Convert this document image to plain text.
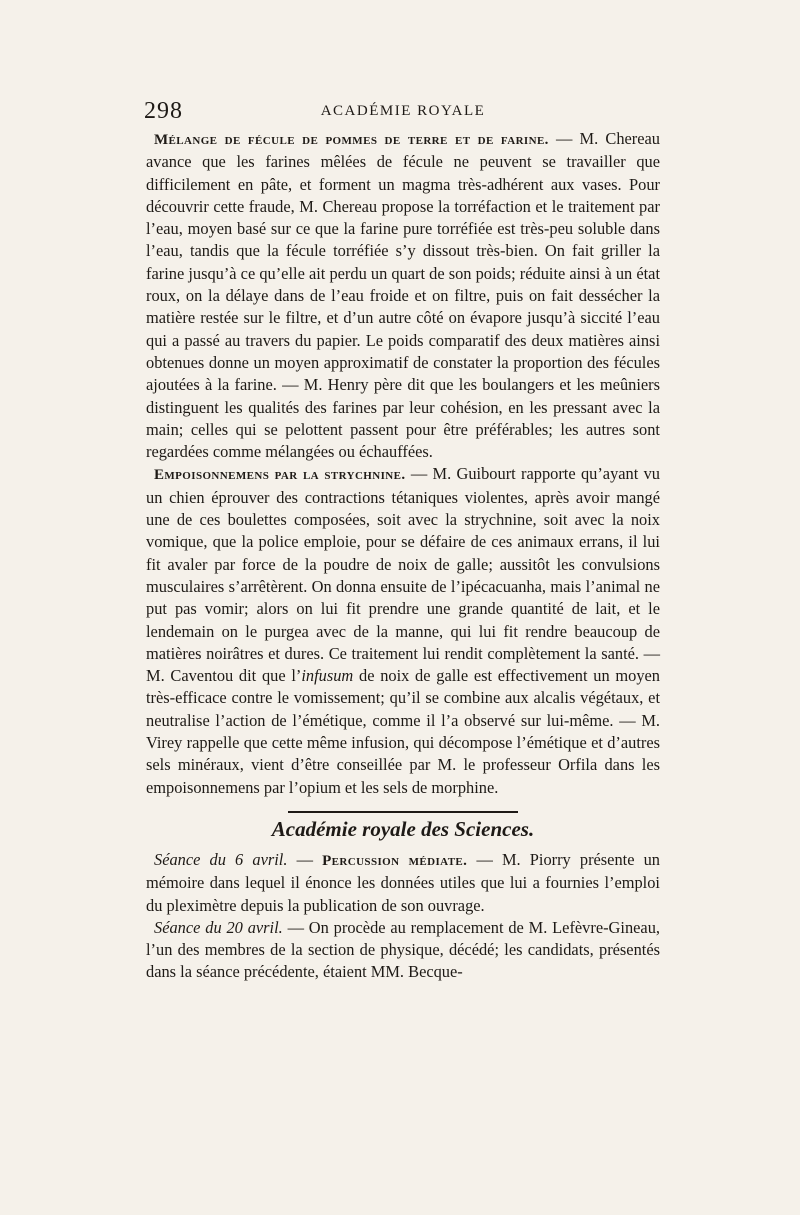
298	ACADÉMIE ROYALE

Mélange de fécule de pommes de terre et de farine. — M. Chereau avance que les farines mêlées de fécule ne peuvent se travailler que difficilement en pâte, et forment un magma très-adhérent aux vases. Pour découvrir cette fraude, M. Chereau propose la torréfaction et le traitement par l’eau, moyen basé sur ce que la farine pure torréfiée est très-peu soluble dans l’eau, tandis que la fécule torréfiée s’y dissout très-bien. On fait griller la farine jusqu’à ce qu’elle ait perdu un quart de son poids; réduite ainsi à un état roux, on la délaye dans de l’eau froide et on filtre, puis on fait dessécher la matière restée sur le filtre, et d’un autre côté on évapore jusqu’à siccité l’eau qui a passé au travers du papier. Le poids comparatif des deux matières ainsi obtenues donne un moyen approximatif de constater la proportion des fécules ajoutées à la farine. — M. Henry père dit que les boulangers et les meûniers distinguent les qualités des farines par leur cohésion, en les pressant avec la main; celles qui se pelottent passent pour être préférables; les autres sont regardées comme mélangées ou échauffées.

Empoisonnemens par la strychnine. — M. Guibourt rapporte qu’ayant vu un chien éprouver des contractions tétaniques violentes, après avoir mangé une de ces boulettes composées, soit avec la strychnine, soit avec la noix vomique, que la police emploie, pour se défaire de ces animaux errans, il lui fit avaler par force de la poudre de noix de galle; aussitôt les convulsions musculaires s’arrêtèrent. On donna ensuite de l’ipécacuanha, mais l’animal ne put pas vomir; alors on lui fit prendre une grande quantité de lait, et le lendemain on le purgea avec de la manne, qui lui fit rendre beaucoup de matières noirâtres et dures. Ce traitement lui rendit complètement la santé. — M. Caventou dit que l’infusum de noix de galle est effectivement un moyen très-efficace contre le vomissement; qu’il se combine aux alcalis végétaux, et neutralise l’action de l’émétique, comme il l’a observé sur lui-même. — M. Virey rappelle que cette même infusion, qui décompose l’émétique et d’autres sels minéraux, vient d’être conseillée par M. le professeur Orfila dans les empoisonnemens par l’opium et les sels de morphine.

Académie royale des Sciences.

Séance du 6 avril. — Percussion médiate. — M. Piorry présente un mémoire dans lequel il énonce les données utiles que lui a fournies l’emploi du pleximètre depuis la publication de son ouvrage.

Séance du 20 avril. — On procède au remplacement de M. Lefèvre-Gineau, l’un des membres de la section de physique, décédé; les candidats, présentés dans la séance précédente, étaient MM. Becque-
